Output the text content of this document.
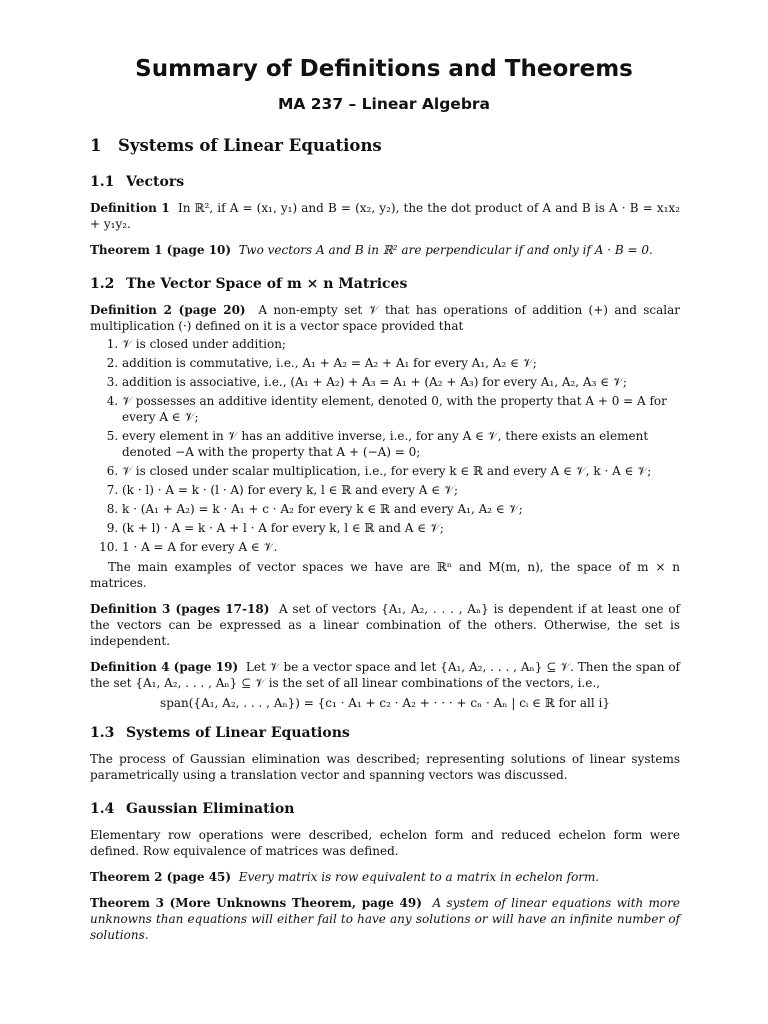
Summary of Definitions and Theorems
MA 237 – Linear Algebra
1 Systems of Linear Equations
1.1 Vectors

Definition 1 In ℝ², if A = (x₁, y₁) and B = (x₂, y₂), the the dot product of A and B is A · B = x₁x₂ + y₁y₂.

Theorem 1 (page 10) Two vectors A and B in ℝ² are perpendicular if and only if A · B = 0.

1.2 The Vector Space of m × n Matrices

Definition 2 (page 20) A non-empty set 𝒱 that has operations of addition (+) and scalar multiplication (·) defined on it is a vector space provided that

1. 𝒱 is closed under addition;
2. addition is commutative, i.e., A₁ + A₂ = A₂ + A₁ for every A₁, A₂ ∈ 𝒱;
3. addition is associative, i.e., (A₁ + A₂) + A₃ = A₁ + (A₂ + A₃) for every A₁, A₂, A₃ ∈ 𝒱;
4. 𝒱 possesses an additive identity element, denoted 0, with the property that A + 0 = A for every A ∈ 𝒱;
5. every element in 𝒱 has an additive inverse, i.e., for any A ∈ 𝒱, there exists an element denoted −A with the property that A + (−A) = 0;
6. 𝒱 is closed under scalar multiplication, i.e., for every k ∈ ℝ and every A ∈ 𝒱, k · A ∈ 𝒱;
7. (k · l) · A = k · (l · A) for every k, l ∈ ℝ and every A ∈ 𝒱;
8. k · (A₁ + A₂) = k · A₁ + c · A₂ for every k ∈ ℝ and every A₁, A₂ ∈ 𝒱;
9. (k + l) · A = k · A + l · A for every k, l ∈ ℝ and A ∈ 𝒱;
10. 1 · A = A for every A ∈ 𝒱.

The main examples of vector spaces we have are ℝⁿ and M(m, n), the space of m × n matrices.

Definition 3 (pages 17-18) A set of vectors {A₁, A₂, . . . , Aₙ} is dependent if at least one of the vectors can be expressed as a linear combination of the others. Otherwise, the set is independent.

Definition 4 (page 19) Let 𝒱 be a vector space and let {A₁, A₂, . . . , Aₙ} ⊆ 𝒱. Then the span of the set {A₁, A₂, . . . , Aₙ} ⊆ 𝒱 is the set of all linear combinations of the vectors, i.e.,

span({A₁, A₂, . . . , Aₙ}) = {c₁ · A₁ + c₂ · A₂ + · · · + cₙ · Aₙ | cᵢ ∈ ℝ for all i}
1.3 Systems of Linear Equations

The process of Gaussian elimination was described; representing solutions of linear systems parametrically using a translation vector and spanning vectors was discussed.

1.4 Gaussian Elimination

Elementary row operations were described, echelon form and reduced echelon form were defined. Row equivalence of matrices was defined.

Theorem 2 (page 45) Every matrix is row equivalent to a matrix in echelon form.

Theorem 3 (More Unknowns Theorem, page 49) A system of linear equations with more unknowns than equations will either fail to have any solutions or will have an infinite number of solutions.
